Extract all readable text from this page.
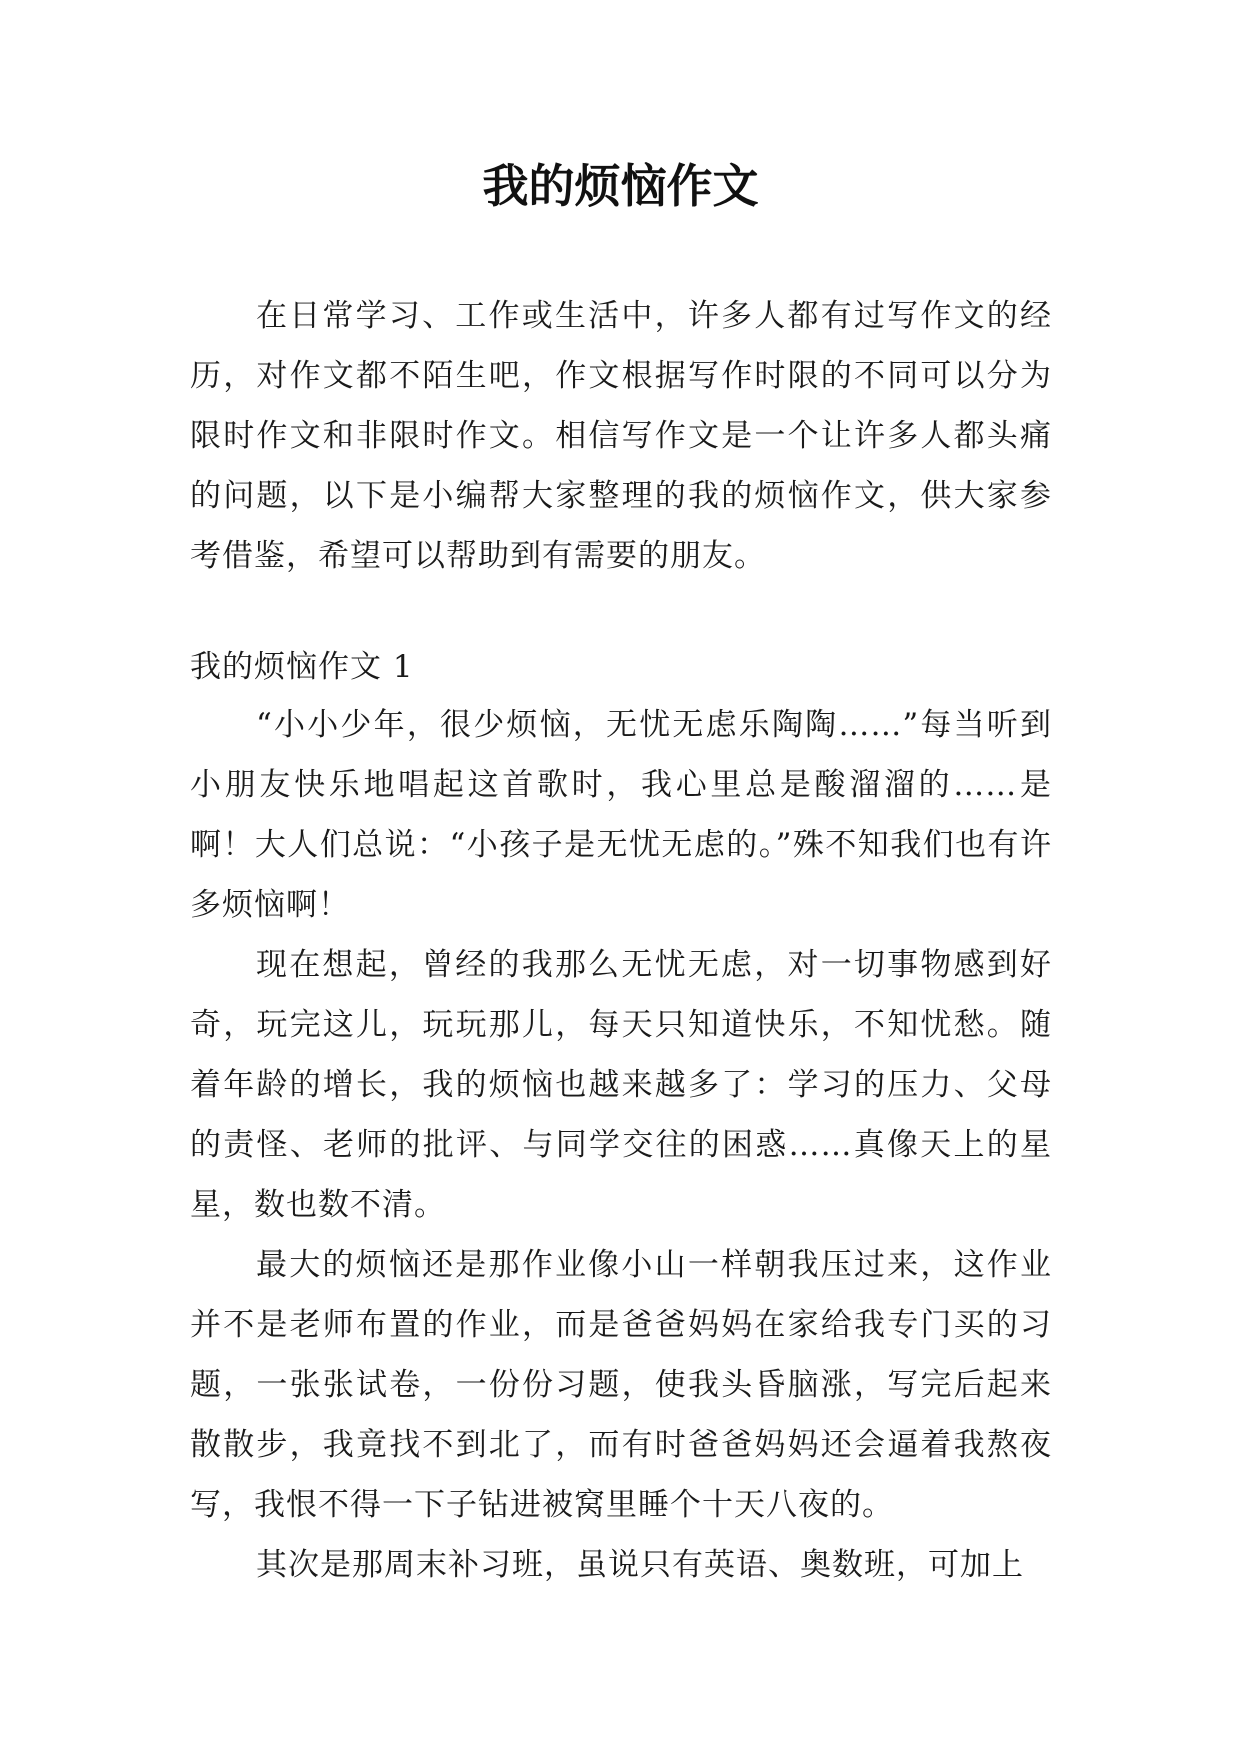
我的烦恼作文
在日常学习、工作或生活中，许多人都有过写作文的经历，对作文都不陌生吧，作文根据写作时限的不同可以分为限时作文和非限时作文。相信写作文是一个让许多人都头痛的问题，以下是小编帮大家整理的我的烦恼作文，供大家参考借鉴，希望可以帮助到有需要的朋友。
我的烦恼作文 1

“小小少年，很少烦恼，无忧无虑乐陶陶……”每当听到小朋友快乐地唱起这首歌时，我心里总是酸溜溜的……是啊！大人们总说：“小孩子是无忧无虑的。”殊不知我们也有许多烦恼啊！

现在想起，曾经的我那么无忧无虑，对一切事物感到好奇，玩完这儿，玩玩那儿，每天只知道快乐，不知忧愁。随着年龄的增长，我的烦恼也越来越多了：学习的压力、父母的责怪、老师的批评、与同学交往的困惑……真像天上的星星，数也数不清。

最大的烦恼还是那作业像小山一样朝我压过来，这作业并不是老师布置的作业，而是爸爸妈妈在家给我专门买的习题，一张张试卷，一份份习题，使我头昏脑涨，写完后起来散散步，我竟找不到北了，而有时爸爸妈妈还会逼着我熬夜写，我恨不得一下子钻进被窝里睡个十天八夜的。

其次是那周末补习班，虽说只有英语、奥数班，可加上
